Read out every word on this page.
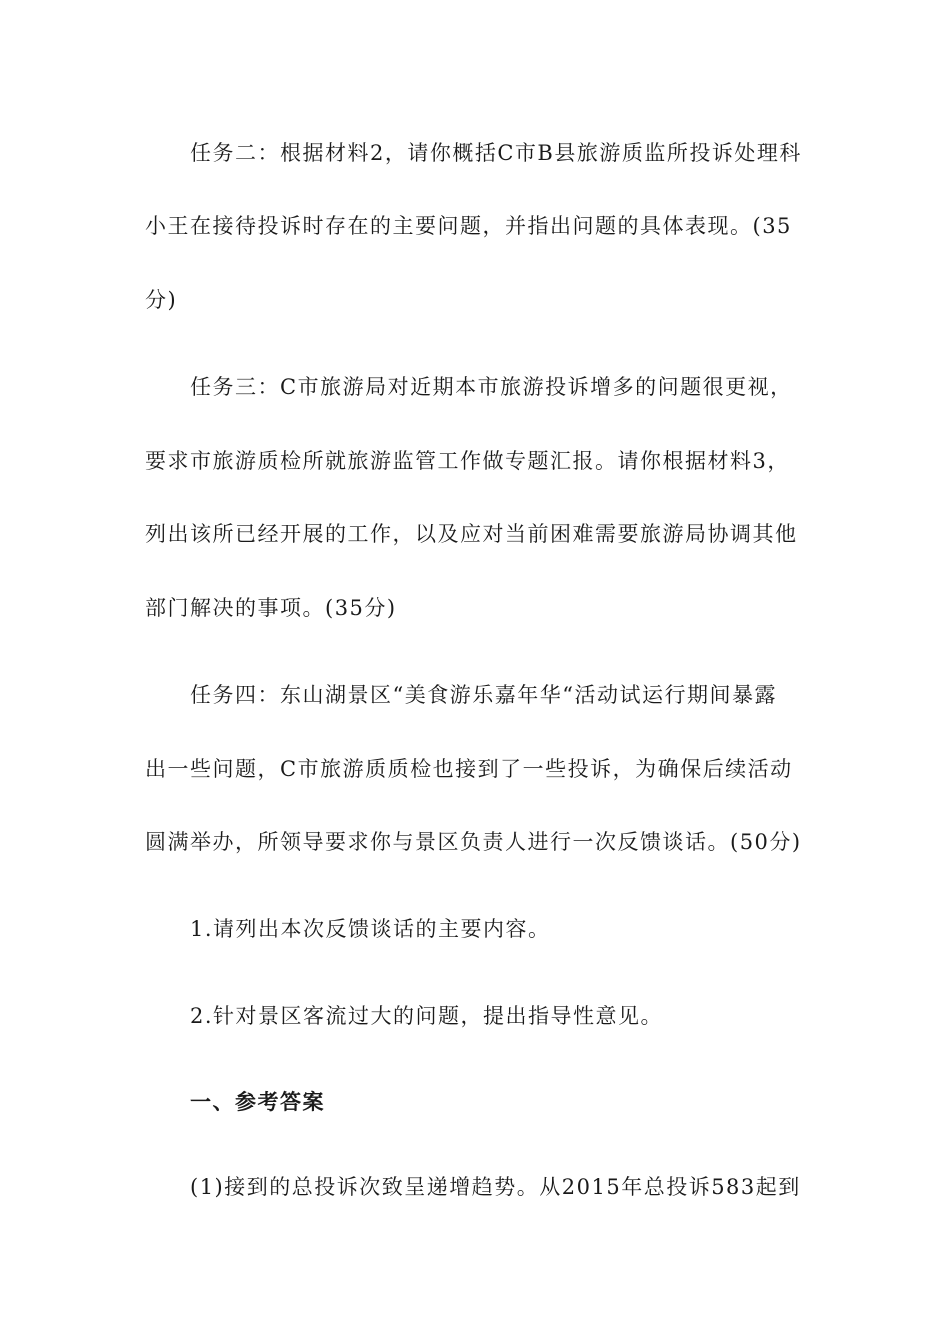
任务二：根据材料2，请你概括C市B县旅游质监所投诉处理科
小王在接待投诉时存在的主要问题，并指出问题的具体表现。(35
分)
任务三：C市旅游局对近期本市旅游投诉增多的问题很更视，
要求市旅游质检所就旅游监管工作做专题汇报。请你根据材料3，
列出该所已经开展的工作，以及应对当前困难需要旅游局协调其他
部门解决的事项。(35分)
任务四：东山湖景区“美食游乐嘉年华“活动试运行期间暴露
出一些问题，C市旅游质质检也接到了一些投诉，为确保后续活动
圆满举办，所领导要求你与景区负责人进行一次反馈谈话。(50分)
1.请列出本次反馈谈话的主要内容。
2.针对景区客流过大的问题，提出指导性意见。
一、参考答案
(1)接到的总投诉次致呈递增趋势。从2015年总投诉583起到
